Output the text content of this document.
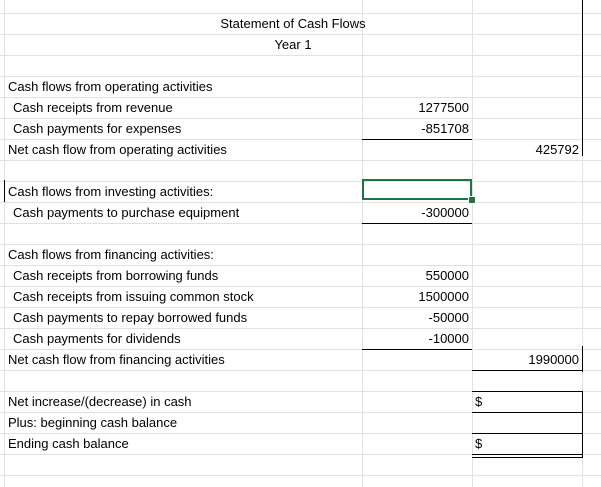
Statement of Cash Flows
Year 1
Cash flows from operating activities
Cash receipts from revenue	1277500
Cash payments for expenses	-851708
Net cash flow from operating activities	425792
Cash flows from investing activities:
Cash payments to purchase equipment	-300000
Cash flows from financing activities:
Cash receipts from borrowing funds	550000
Cash receipts from issuing common stock	1500000
Cash payments to repay borrowed funds	-50000
Cash payments for dividends	-10000
Net cash flow from financing activities	1990000
Net increase/(decrease) in cash	$
Plus: beginning cash balance
Ending cash balance	$
